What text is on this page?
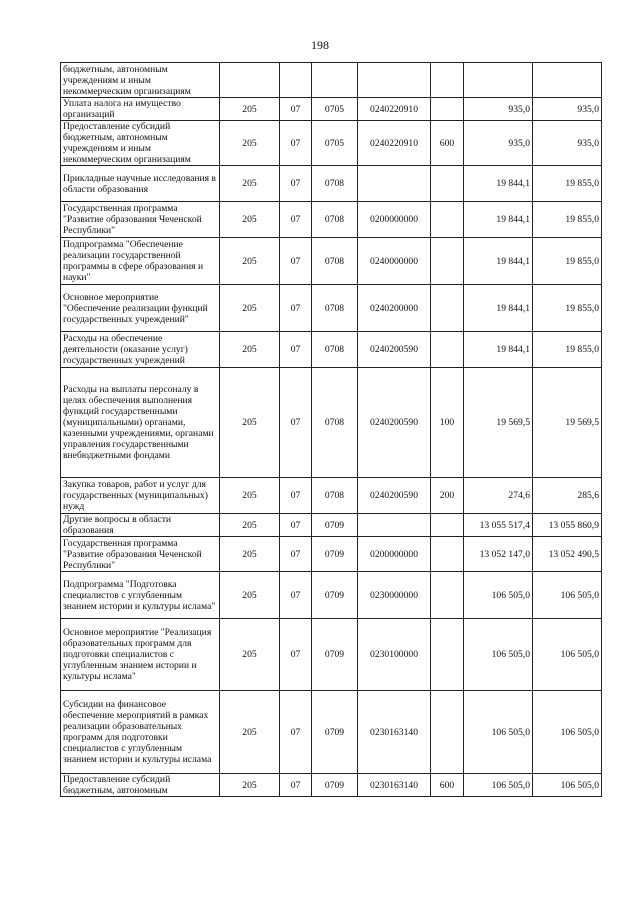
198
бюджетным, автономным учреждениям и иным некоммерческим организациям							
Уплата налога на имущество организаций	205	07	0705	0240220910		935,0	935,0
Предоставление субсидий бюджетным, автономным учреждениям и иным некоммерческим организациям	205	07	0705	0240220910	600	935,0	935,0
Прикладные научные исследования в области образования	205	07	0708			19 844,1	19 855,0
Государственная программа "Развитие образования Чеченской Республики"	205	07	0708	0200000000		19 844,1	19 855,0
Подпрограмма "Обеспечение реализации государственной программы в сфере образования и науки"	205	07	0708	0240000000		19 844,1	19 855,0
Основное мероприятие "Обеспечение реализации функций государственных учреждений"	205	07	0708	0240200000		19 844,1	19 855,0
Расходы на обеспечение деятельности (оказание услуг) государственных учреждений	205	07	0708	0240200590		19 844,1	19 855,0
Расходы на выплаты персоналу в целях обеспечения выполнения функций государственными (муниципальными) органами, казенными учреждениями, органами управления государственными внебюджетными фондами	205	07	0708	0240200590	100	19 569,5	19 569,5
Закупка товаров, работ и услуг для государственных (муниципальных) нужд	205	07	0708	0240200590	200	274,6	285,6
Другие вопросы в области образования	205	07	0709			13 055 517,4	13 055 860,9
Государственная программа "Развитие образования Чеченской Республики"	205	07	0709	0200000000		13 052 147,0	13 052 490,5
Подпрограмма "Подготовка специалистов с углубленным знанием истории и культуры ислама"	205	07	0709	0230000000		106 505,0	106 505,0
Основное мероприятие "Реализация образовательных программ для подготовки специалистов с углубленным знанием истории и культуры ислама"	205	07	0709	0230100000		106 505,0	106 505,0
Субсидии на финансовое обеспечение мероприятий в рамках реализации образовательных программ для подготовки специалистов с углубленным знанием истории и культуры ислама	205	07	0709	0230163140		106 505,0	106 505,0
Предоставление субсидий бюджетным, автономным	205	07	0709	0230163140	600	106 505,0	106 505,0
